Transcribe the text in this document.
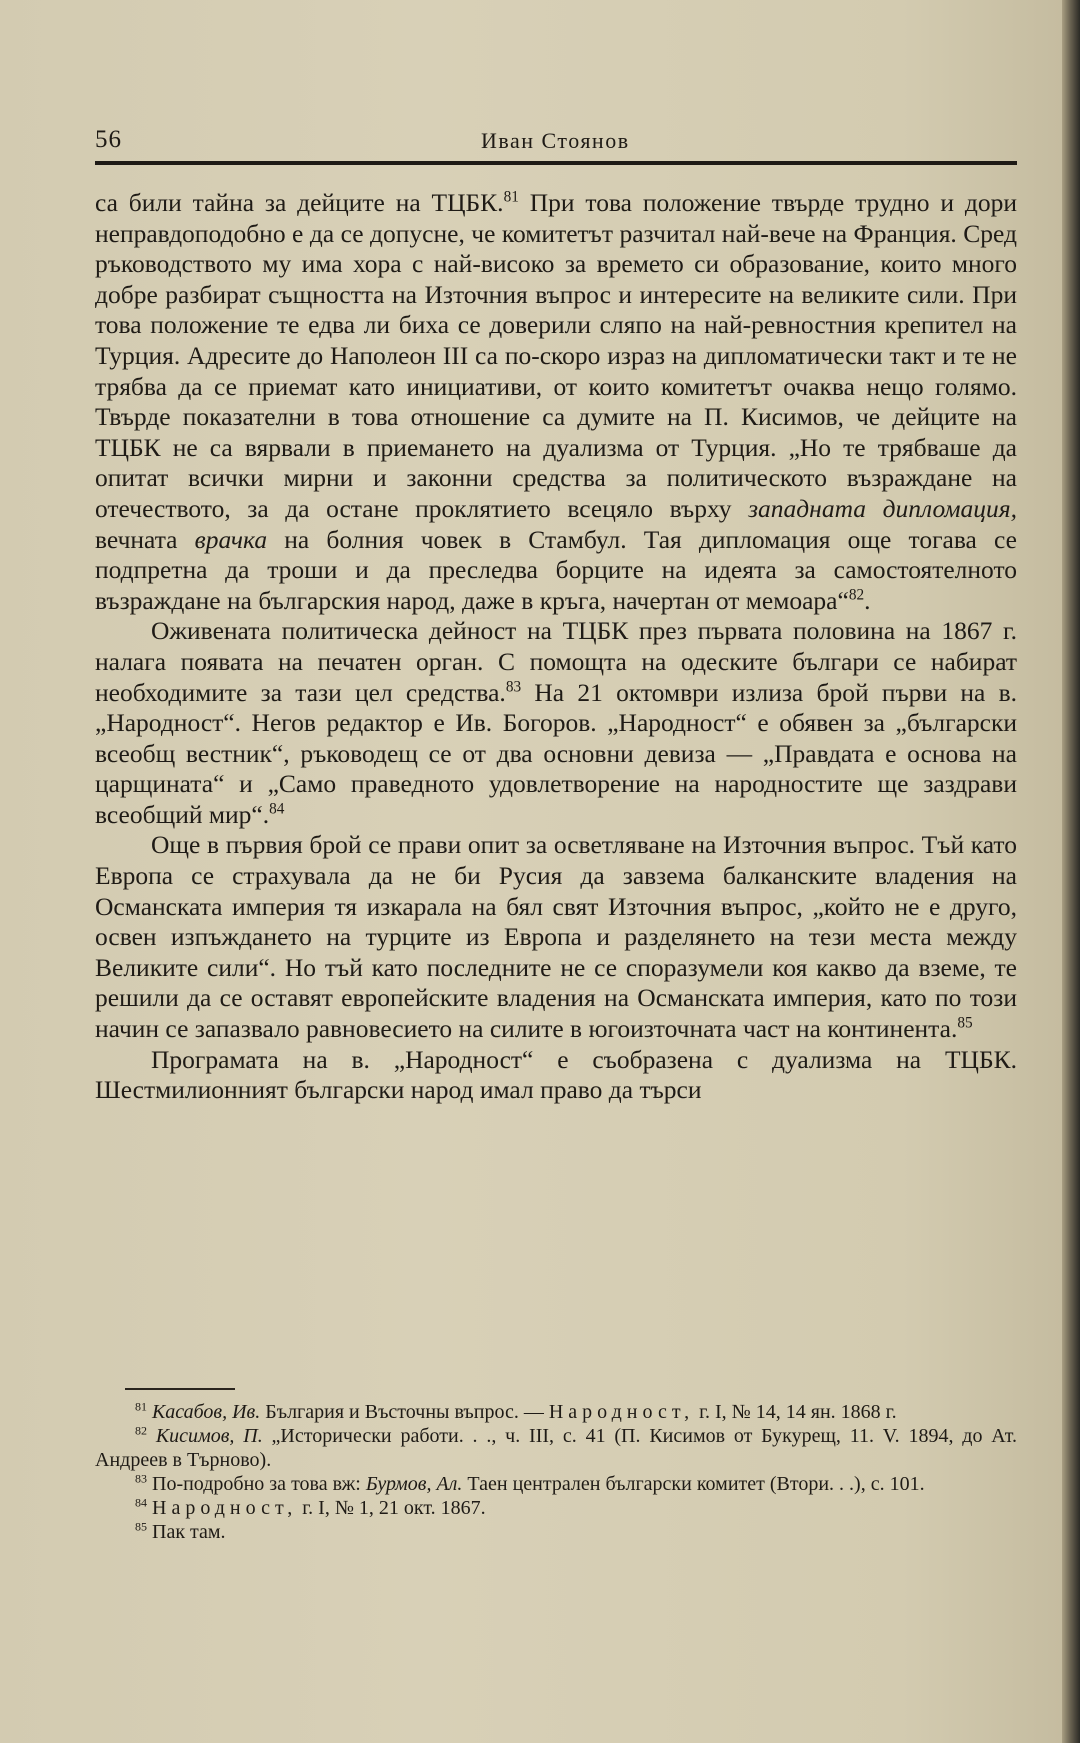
56	Иван Стоянов

са били тайна за дейците на ТЦБК.$^{81}$ При това положение твърде трудно и дори неправдоподобно е да се допусне, че комитетът разчитал най-вече на Франция. Сред ръководството му има хора с най-високо за времето си образование, които много добре разбират същността на Източния въпрос и интересите на великите сили. При това положение те едва ли биха се доверили сляпо на най-ревностния крепител на Турция. Адресите до Наполеон III са по-скоро израз на дипломатически такт и те не трябва да се приемат като инициативи, от които комитетът очаква нещо голямо. Твърде показателни в това отношение са думите на П. Кисимов, че дейците на ТЦБК не са вярвали в приемането на дуализма от Турция. „Но те трябваше да опитат всички мирни и законни средства за политическото възраждане на отечеството, за да остане проклятието всецяло върху западната дипломация, вечната врачка на болния човек в Стамбул. Тая дипломация още тогава се подпретна да троши и да преследва борците на идеята за самостоятелното възраждане на българския народ, даже в кръга, начертан от мемоара“$^{82}$.

Оживената политическа дейност на ТЦБК през първата половина на 1867 г. налага появата на печатен орган. С помощта на одеските българи се набират необходимите за тази цел средства.$^{83}$ На 21 октомври излиза брой първи на в. „Народност“. Негов редактор е Ив. Богоров. „Народност“ е обявен за „български всеобщ вестник“, ръководещ се от два основни девиза — „Правдата е основа на царщината“ и „Само праведното удовлетворение на народностите ще заздрави всеобщий мир“.$^{84}$

Още в първия брой се прави опит за осветляване на Източния въпрос. Тъй като Европа се страхувала да не би Русия да завзема балканските владения на Османската империя тя изкарала на бял свят Източния въпрос, „който не е друго, освен изпъждането на турците из Европа и разделянето на тези места между Великите сили“. Но тъй като последните не се споразумели коя какво да вземе, те решили да се оставят европейските владения на Османската империя, като по този начин се запазвало равновесието на силите в югоизточната част на континента.$^{85}$

Програмата на в. „Народност“ е съобразена с дуализма на ТЦБК. Шестмилионният български народ имал право да търси

$^{81}$ Касабов, Ив. България и Въсточны въпрос. — Народност, г. I, № 14, 14 ян. 1868 г.

$^{82}$ Кисимов, П. „Исторически работи. . ., ч. III, с. 41 (П. Кисимов от Букурещ, 11. V. 1894, до Ат. Андреев в Търново).

$^{83}$ По-подробно за това вж: Бурмов, Ал. Таен централен български комитет (Втори. . .), с. 101.

$^{84}$ Народност, г. I, № 1, 21 окт. 1867.

$^{85}$ Пак там.
